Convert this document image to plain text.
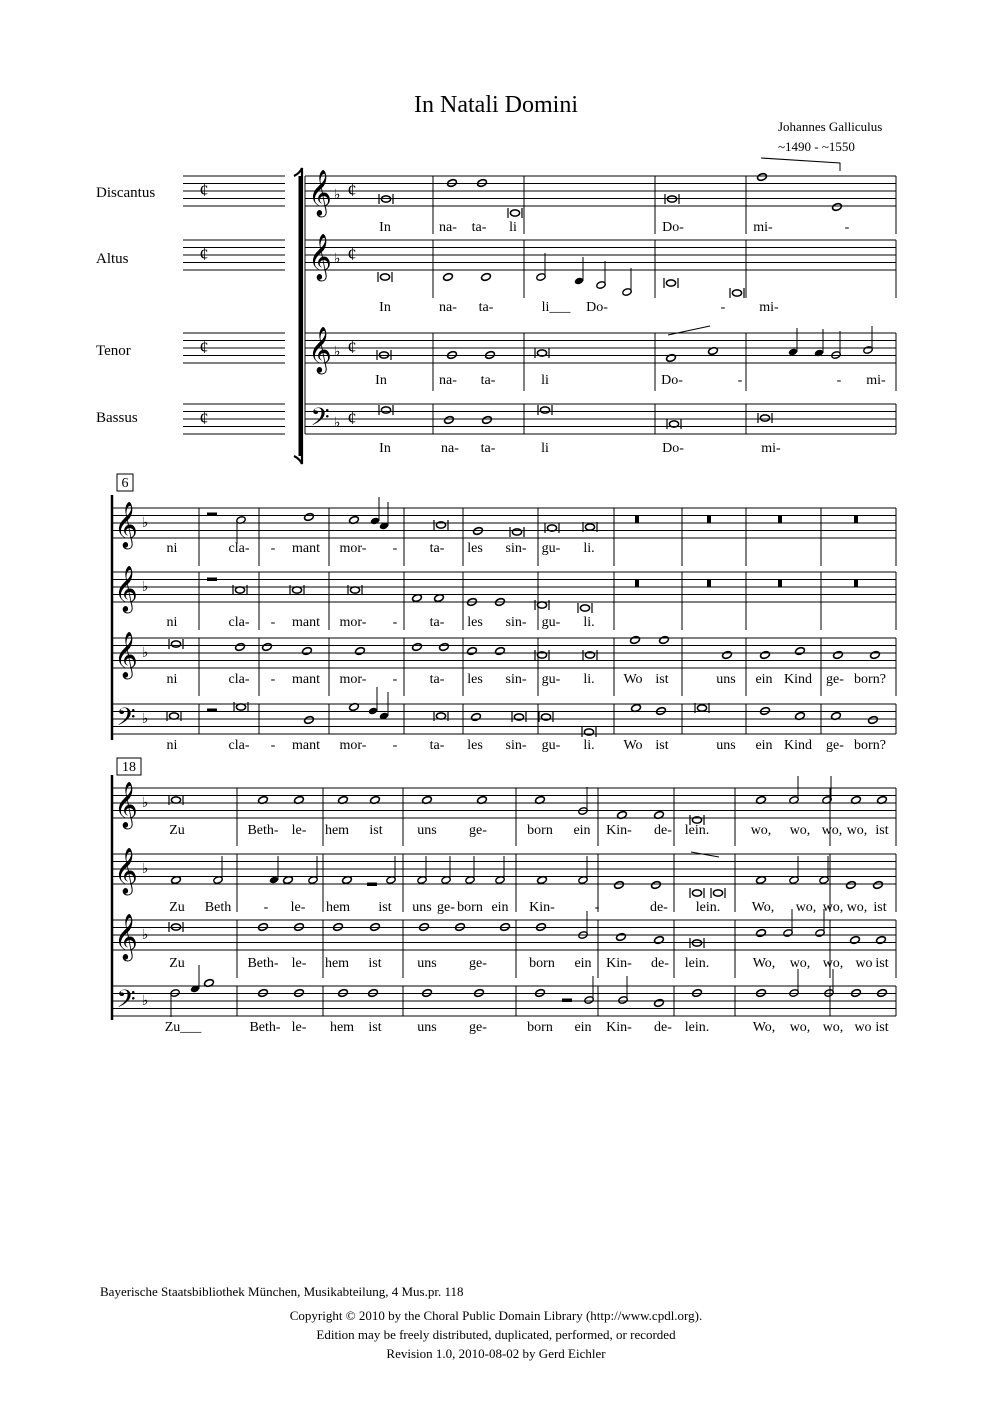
In Natali Domini
Johannes Galliculus
~1490 - ~1550
Discantus
Altus
Tenor
Bassus
¢ 𝄞 ♭ ¢
¢ 𝄞 ♭ ¢
¢ 𝄞 ♭ ¢
¢	𝄢 ♭ ¢
In	na- ta- li	Do-	mi-	-
In	na- ta-	li___ Do-	- mi-
In	na- ta-	li	Do-	-	- mi-
In	na- ta-	li	Do-	mi-
6
𝄞 ♭
𝄞 ♭
𝄞 ♭
𝄢 ♭
ni	cla- - mant mor- - ta- les sin- gu- li.
ni	cla- - mant mor- - ta- les sin- gu- li.
ni	cla- - mant mor- - ta- les sin- gu- li. Wo ist	uns ein Kind ge- born?
ni	cla- - mant mor- - ta- les sin- gu- li. Wo ist	uns ein Kind ge- born?
18
𝄞 ♭
𝄞 ♭
𝄞 ♭
𝄢 ♭
Zu	Beth- le- hem ist uns ge-	born ein Kin- de- lein.	wo, wo, wo, wo, ist
Zu Beth - le- hem ist uns ge- born ein Kin-	-	de- lein. Wo, wo, wo, wo, ist
Zu	Beth- le- hem ist	uns ge-	born ein Kin- de- lein.	Wo, wo, wo, wo ist
Zu___	Beth- le- hem ist	uns ge-	born ein Kin- de- lein.	Wo, wo, wo, wo ist
Bayerische Staatsbibliothek München, Musikabteilung, 4 Mus.pr. 118
Copyright © 2010 by the Choral Public Domain Library (http://www.cpdl.org).
Edition may be freely distributed, duplicated, performed, or recorded
Revision 1.0, 2010-08-02 by Gerd Eichler
